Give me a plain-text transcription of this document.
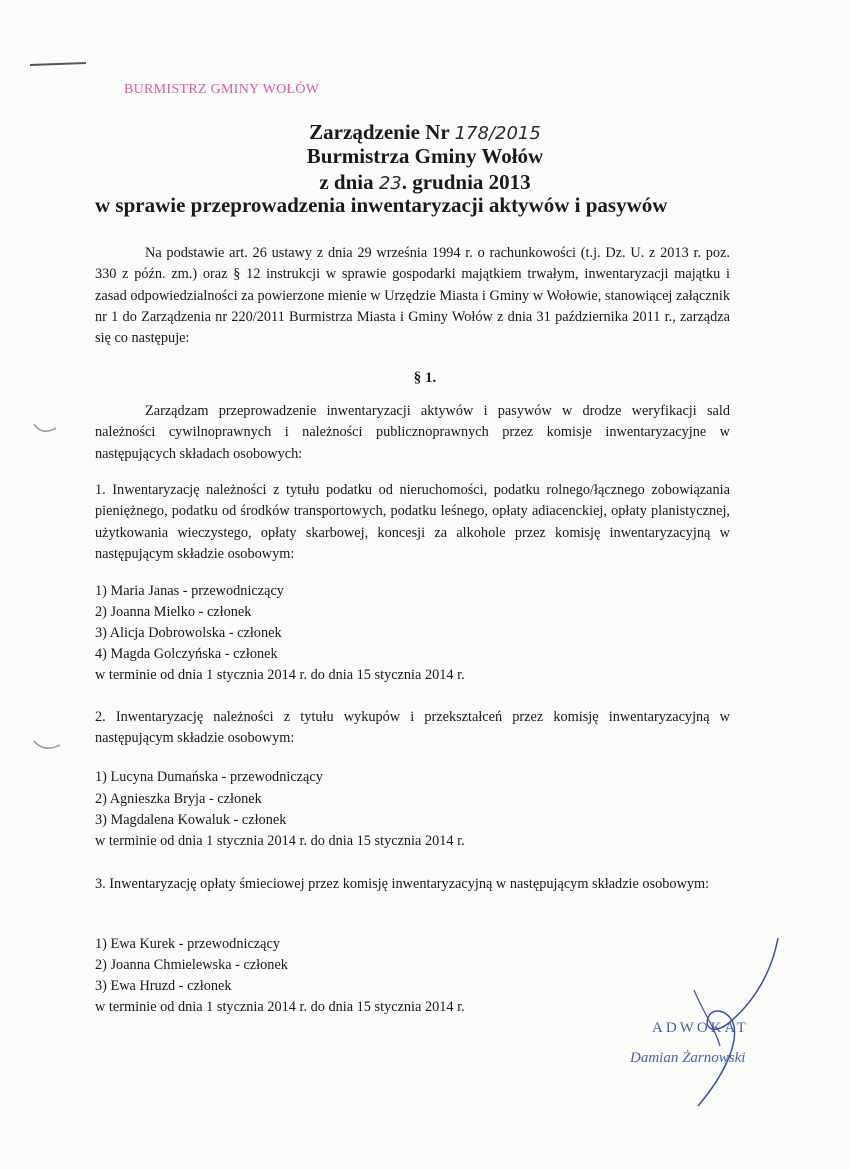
BURMISTRZ GMINY WOŁÓW
Zarządzenie Nr 178/2015
Burmistrza Gminy Wołów
z dnia 23. grudnia 2013
w sprawie przeprowadzenia inwentaryzacji aktywów i pasywów
Na podstawie art. 26 ustawy z dnia 29 września 1994 r. o rachunkowości (t.j. Dz. U. z 2013 r. poz. 330 z późn. zm.) oraz § 12 instrukcji w sprawie gospodarki majątkiem trwałym, inwentaryzacji majątku i zasad odpowiedzialności za powierzone mienie w Urzędzie Miasta i Gminy w Wołowie, stanowiącej załącznik nr 1 do Zarządzenia nr 220/2011 Burmistrza Miasta i Gminy Wołów z dnia 31 października 2011 r., zarządza się co następuje:
§ 1.
Zarządzam przeprowadzenie inwentaryzacji aktywów i pasywów w drodze weryfikacji sald należności cywilnoprawnych i należności publicznoprawnych przez komisje inwentaryzacyjne w następujących składach osobowych:
1. Inwentaryzację należności z tytułu podatku od nieruchomości, podatku rolnego/łącznego zobowiązania pieniężnego, podatku od środków transportowych, podatku leśnego, opłaty adiacenckiej, opłaty planistycznej, użytkowania wieczystego, opłaty skarbowej, koncesji za alkohole przez komisję inwentaryzacyjną w następującym składzie osobowym:
1) Maria Janas - przewodniczący
2) Joanna Mielko - członek
3) Alicja Dobrowolska - członek
4) Magda Golczyńska - członek
w terminie od dnia 1 stycznia 2014 r. do dnia 15 stycznia 2014 r.
2. Inwentaryzację należności z tytułu wykupów i przekształceń przez komisję inwentaryzacyjną w następującym składzie osobowym:
1) Lucyna Dumańska - przewodniczący
2) Agnieszka Bryja - członek
3) Magdalena Kowaluk - członek
w terminie od dnia 1 stycznia 2014 r. do dnia 15 stycznia 2014 r.
3. Inwentaryzację opłaty śmieciowej przez komisję inwentaryzacyjną w następującym składzie osobowym:
1) Ewa Kurek - przewodniczący
2) Joanna Chmielewska - członek
3) Ewa Hruzd - członek
w terminie od dnia 1 stycznia 2014 r. do dnia 15 stycznia 2014 r.
ADWOKAT
Damian Żarnowski
